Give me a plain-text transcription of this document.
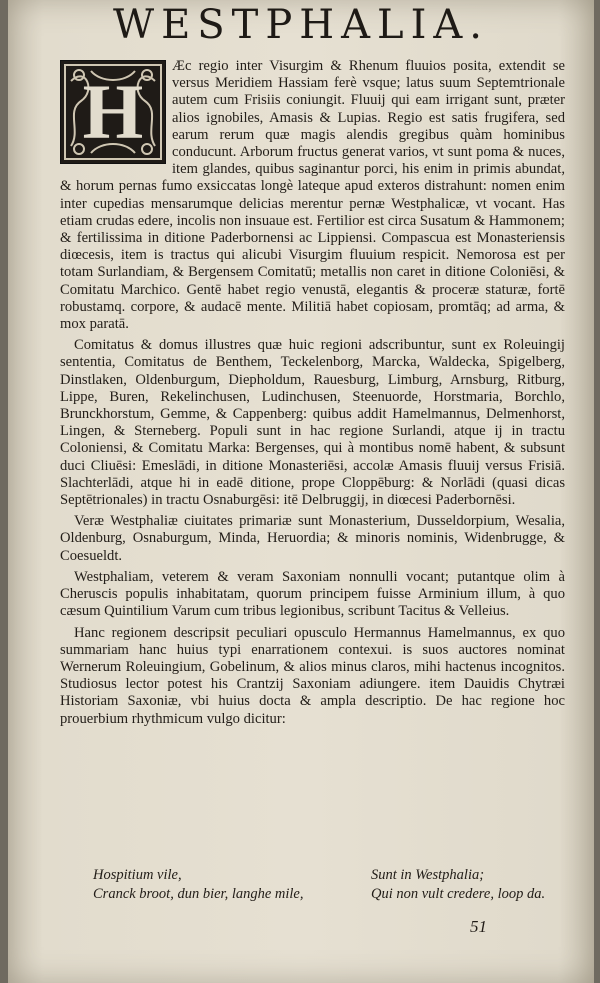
WESTPHALIA.

H
Æc regio inter Visurgim & Rhenum fluuios posita, extendit se versus Meridiem Hassiam ferè vsque; latus suum Septemtrionale autem cum Frisiis coniungit. Fluuij qui eam irrigant sunt, præter alios ignobiles, Amasis & Lupias. Regio est satis frugifera, sed earum rerum quæ magis alendis gregibus quàm hominibus conducunt. Arborum fructus generat varios, vt sunt poma & nuces, item glandes, quibus saginantur porci, his enim in primis abundat, & horum pernas fumo exsiccatas longè lateque apud exteros distrahunt: nomen enim inter cupedias mensarumque delicias merentur pernæ Westphalicæ, vt vocant. Has etiam crudas edere, incolis non insuaue est. Fertilior est circa Susatum & Hammonem; & fertilissima in ditione Paderbornensi ac Lippiensi. Compascua est Monasteriensis diœcesis, item is tractus qui alicubi Visurgim fluuium respicit. Nemorosa est per totam Surlandiam, & Bergensem Comitatū; metallis non caret in ditione Coloniēsi, & Comitatu Marchico. Gentē habet regio venustā, elegantis & proceræ staturæ, fortē robustamq. corpore, & audacē mente. Militiā habet copiosam, promtāq; ad arma, & mox paratā.

Comitatus & domus illustres quæ huic regioni adscribuntur, sunt ex Roleuingij sententia, Comitatus de Benthem, Teckelenborg, Marcka, Waldecka, Spigelberg, Dinstlaken, Oldenburgum, Diepholdum, Rauesburg, Limburg, Arnsburg, Ritburg, Lippe, Buren, Rekelinchusen, Ludinchusen, Steenuorde, Horstmaria, Borchlo, Brunckhorstum, Gemme, & Cappenberg: quibus addit Hamelmannus, Delmenhorst, Lingen, & Sterneberg. Populi sunt in hac regione Surlandi, atque ij in tractu Coloniensi, & Comitatu Marka: Bergenses, qui à montibus nomē habent, & subsunt duci Cliuēsi: Emeslādi, in ditione Monasteriēsi, accolæ Amasis fluuij versus Frisiā. Slachterlādi, atque hi in eadē ditione, prope Cloppēburg: & Norlādi (quasi dicas Septētrionales) in tractu Osnaburgēsi: itē Delbruggij, in diœcesi Paderbornēsi.

Veræ Westphaliæ ciuitates primariæ sunt Monasterium, Dusseldorpium, Wesalia, Oldenburg, Osnaburgum, Minda, Heruordia; & minoris nominis, Widenbrugge, & Coesueldt.

Westphaliam, veterem & veram Saxoniam nonnulli vocant; putantque olim à Cheruscis populis inhabitatam, quorum principem fuisse Arminium illum, à quo cæsum Quintilium Varum cum tribus legionibus, scribunt Tacitus & Velleius.

Hanc regionem descripsit peculiari opusculo Hermannus Hamelmannus, ex quo summariam hanc huius typi enarrationem contexui. is suos auctores nominat Wernerum Roleuingium, Gobelinum, & alios minus claros, mihi hactenus incognitos. Studiosus lector potest his Crantzij Saxoniam adiungere. item Dauidis Chytræi Historiam Saxoniæ, vbi huius docta & ampla descriptio. De hac regione hoc prouerbium rhythmicum vulgo dicitur:

Hospitium vile,
Cranck broot, dun bier, langhe mile,
Sunt in Westphalia;
Qui non vult credere, loop da.
51
